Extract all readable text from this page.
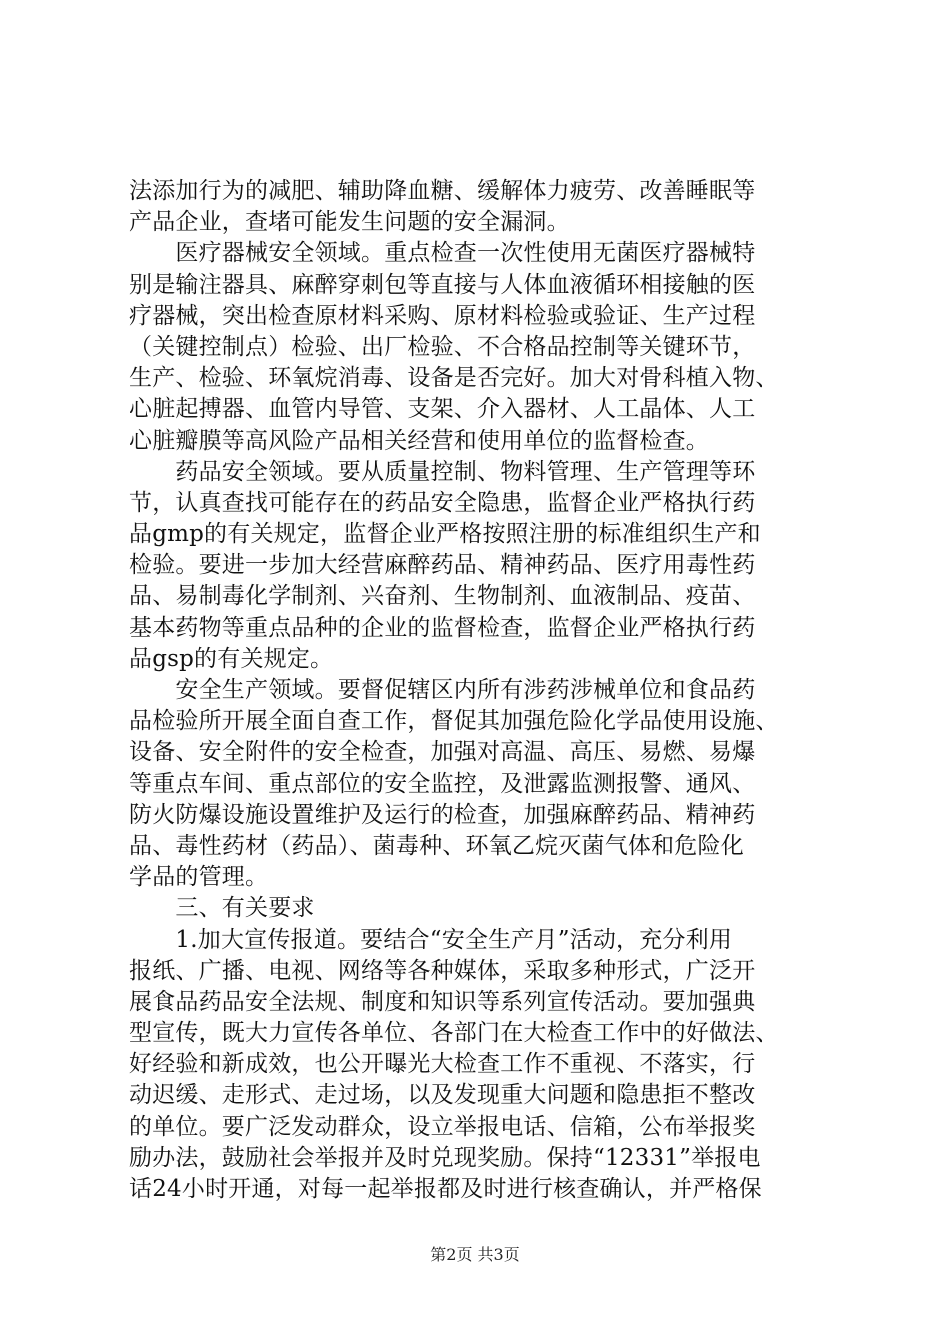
法添加行为的减肥、辅助降血糖、缓解体力疲劳、改善睡眠等
产品企业，查堵可能发生问题的安全漏洞。
　　医疗器械安全领域。重点检查一次性使用无菌医疗器械特
别是输注器具、麻醉穿刺包等直接与人体血液循环相接触的医
疗器械，突出检查原材料采购、原材料检验或验证、生产过程
（关键控制点）检验、出厂检验、不合格品控制等关键环节，
生产、检验、环氧烷消毒、设备是否完好。加大对骨科植入物、
心脏起搏器、血管内导管、支架、介入器材、人工晶体、人工
心脏瓣膜等高风险产品相关经营和使用单位的监督检查。
　　药品安全领域。要从质量控制、物料管理、生产管理等环
节，认真查找可能存在的药品安全隐患，监督企业严格执行药
品gmp的有关规定，监督企业严格按照注册的标准组织生产和
检验。要进一步加大经营麻醉药品、精神药品、医疗用毒性药
品、易制毒化学制剂、兴奋剂、生物制剂、血液制品、疫苗、
基本药物等重点品种的企业的监督检查，监督企业严格执行药
品gsp的有关规定。
　　安全生产领域。要督促辖区内所有涉药涉械单位和食品药
品检验所开展全面自查工作，督促其加强危险化学品使用设施、
设备、安全附件的安全检查，加强对高温、高压、易燃、易爆
等重点车间、重点部位的安全监控，及泄露监测报警、通风、
防火防爆设施设置维护及运行的检查，加强麻醉药品、精神药
品、毒性药材（药品）、菌毒种、环氧乙烷灭菌气体和危险化
学品的管理。
　　三、有关要求
　　1.加大宣传报道。要结合“安全生产月”活动，充分利用
报纸、广播、电视、网络等各种媒体，采取多种形式，广泛开
展食品药品安全法规、制度和知识等系列宣传活动。要加强典
型宣传，既大力宣传各单位、各部门在大检查工作中的好做法、
好经验和新成效，也公开曝光大检查工作不重视、不落实，行
动迟缓、走形式、走过场，以及发现重大问题和隐患拒不整改
的单位。要广泛发动群众，设立举报电话、信箱，公布举报奖
励办法，鼓励社会举报并及时兑现奖励。保持“12331”举报电
话24小时开通，对每一起举报都及时进行核查确认，并严格保
第2页 共3页
